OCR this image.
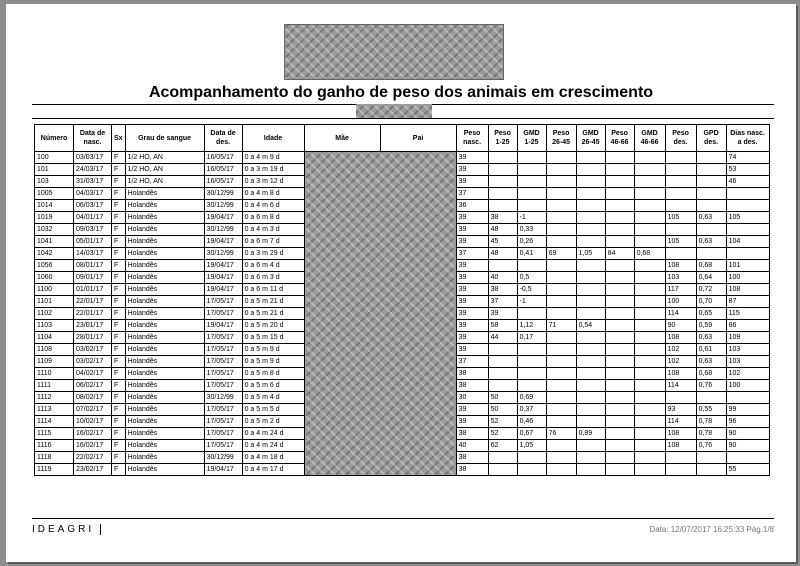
Acompanhamento do ganho de peso dos animais em crescimento
Número	Data de nasc.	Sx	Grau de sangue	Data de des.	Idade	Mãe	Pai	Peso nasc.	Peso 1-25	GMD 1-25	Peso 26-45	GMD 26-45	Peso 46-66	GMD 46-66	Peso des.	GPD des.	Dias nasc. a des.
100	03/03/17	F	1/2 HO, AN	16/05/17	0 a 4 m 9 d			39									74
101	24/03/17	F	1/2 HO, AN	16/05/17	0 a 3 m 19 d			39									53
103	31/03/17	F	1/2 HO, AN	16/05/17	0 a 3 m 12 d			39									46
1005	04/03/17	F	Holandês	30/12/99	0 a 4 m 8 d			37									
1014	06/03/17	F	Holandês	30/12/99	0 a 4 m 6 d			36									
1019	04/01/17	F	Holandês	19/04/17	0 a 6 m 8 d			39	38	-1					105	0,63	105
1032	09/03/17	F	Holandês	30/12/99	0 a 4 m 3 d			39	48	0,33							
1041	05/01/17	F	Holandês	19/04/17	0 a 6 m 7 d			39	45	0,26					105	0,63	104
1042	14/03/17	F	Holandês	30/12/99	0 a 3 m 29 d			37	48	0,41	69	1,05	84	0,68			
1056	08/01/17	F	Holandês	19/04/17	0 a 6 m 4 d			39							108	0,68	101
1060	09/01/17	F	Holandês	19/04/17	0 a 6 m 3 d			39	40	0,5					103	0,64	100
1100	01/01/17	F	Holandês	19/04/17	0 a 6 m 11 d			39	38	-0,5					117	0,72	108
1101	22/01/17	F	Holandês	17/05/17	0 a 5 m 21 d			39	37	-1					100	0,70	87
1102	22/01/17	F	Holandês	17/05/17	0 a 5 m 21 d			39	39						114	0,65	115
1103	23/01/17	F	Holandês	19/04/17	0 a 5 m 20 d			39	58	1,12	71	0,54			90	0,59	86
1104	28/01/17	F	Holandês	17/05/17	0 a 5 m 15 d			39	44	0,17					108	0,63	109
1108	03/02/17	F	Holandês	17/05/17	0 a 5 m 9 d			39							102	0,61	103
1109	03/02/17	F	Holandês	17/05/17	0 a 5 m 9 d			37							102	0,63	103
1110	04/02/17	F	Holandês	17/05/17	0 a 5 m 8 d			38							108	0,68	102
1111	06/02/17	F	Holandês	17/05/17	0 a 5 m 6 d			38							114	0,76	100
1112	08/02/17	F	Holandês	30/12/99	0 a 5 m 4 d			30	50	0,69							
1113	07/02/17	F	Holandês	17/05/17	0 a 5 m 5 d			39	50	0,37					93	0,55	99
1114	10/02/17	F	Holandês	17/05/17	0 a 5 m 2 d			39	52	0,46					114	0,78	96
1115	16/02/17	F	Holandês	17/05/17	0 a 4 m 24 d			38	52	0,67	76	0,89			108	0,78	90
1116	16/02/17	F	Holandês	17/05/17	0 a 4 m 24 d			40	62	1,05					108	0,76	90
1118	22/02/17	F	Holandês	30/12/99	0 a 4 m 18 d			38									
1119	23/02/17	F	Holandês	19/04/17	0 a 4 m 17 d			38									55
IDEAGRI	Data: 12/07/2017 16:25:33 Pág.1/8
